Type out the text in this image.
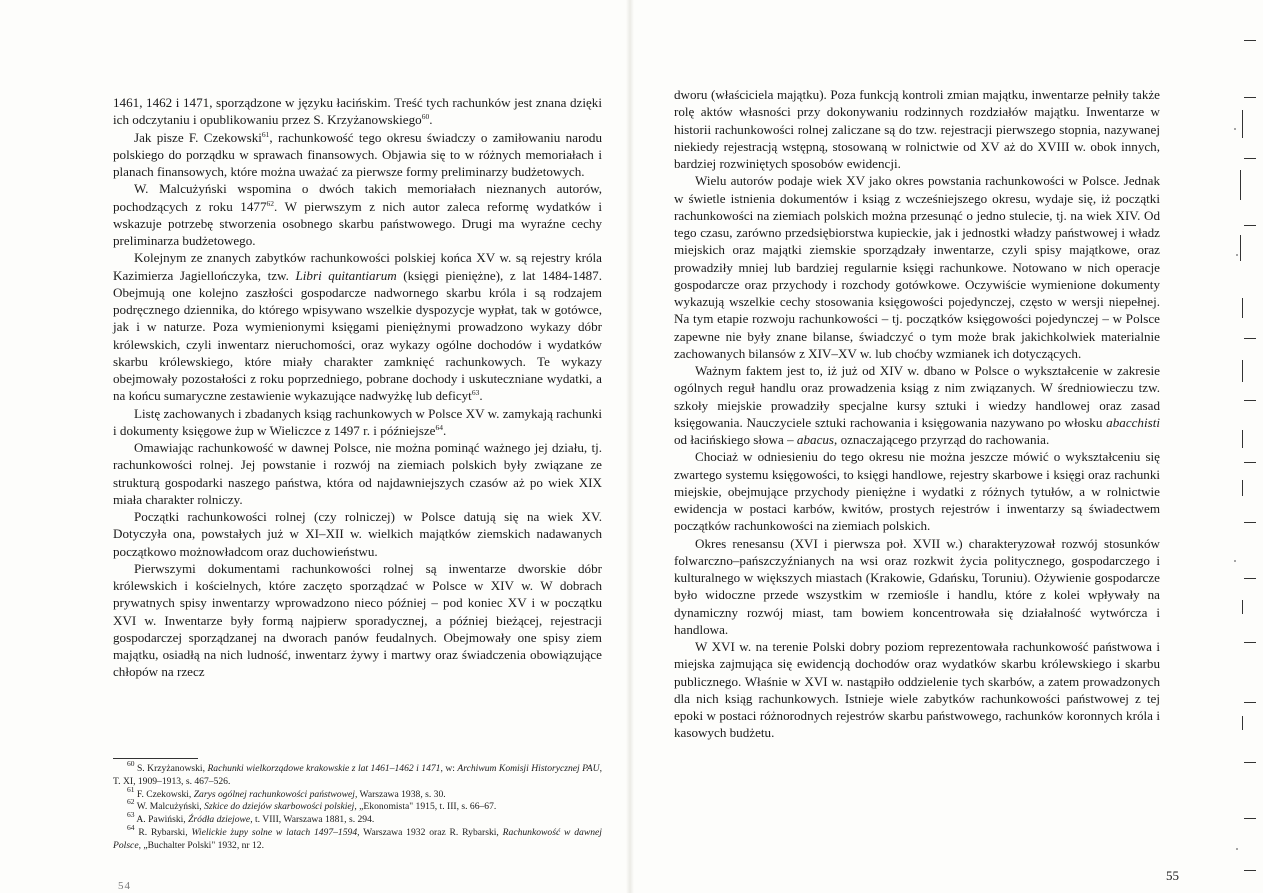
1461, 1462 i 1471, sporządzone w języku łacińskim. Treść tych rachunków jest znana dzięki ich odczytaniu i opublikowaniu przez S. Krzyżanowskiego$^{60}$.

Jak pisze F. Czekowski$^{61}$, rachunkowość tego okresu świadczy o zamiłowaniu narodu polskiego do porządku w sprawach finansowych. Objawia się to w różnych memoriałach i planach finansowych, które można uważać za pierwsze formy preliminarzy budżetowych.

W. Malcużyński wspomina o dwóch takich memoriałach nieznanych autorów, pochodzących z roku 1477$^{62}$. W pierwszym z nich autor zaleca reformę wydatków i wskazuje potrzebę stworzenia osobnego skarbu państwowego. Drugi ma wyraźne cechy preliminarza budżetowego.

Kolejnym ze znanych zabytków rachunkowości polskiej końca XV w. są rejestry króla Kazimierza Jagiellończyka, tzw. Libri quitantiarum (księgi pieniężne), z lat 1484-1487. Obejmują one kolejno zaszłości gospodarcze nadwornego skarbu króla i są rodzajem podręcznego dziennika, do którego wpisywano wszelkie dyspozycje wypłat, tak w gotówce, jak i w naturze. Poza wymienionymi księgami pieniężnymi prowadzono wykazy dóbr królewskich, czyli inwentarz nieruchomości, oraz wykazy ogólne dochodów i wydatków skarbu królewskiego, które miały charakter zamknięć rachunkowych. Te wykazy obejmowały pozostałości z roku poprzedniego, pobrane dochody i uskuteczniane wydatki, a na końcu sumaryczne zestawienie wykazujące nadwyżkę lub deficyt$^{63}$.

Listę zachowanych i zbadanych ksiąg rachunkowych w Polsce XV w. zamykają rachunki i dokumenty księgowe żup w Wieliczce z 1497 r. i późniejsze$^{64}$.

Omawiając rachunkowość w dawnej Polsce, nie można pominąć ważnego jej działu, tj. rachunkowości rolnej. Jej powstanie i rozwój na ziemiach polskich były związane ze strukturą gospodarki naszego państwa, która od najdawniejszych czasów aż po wiek XIX miała charakter rolniczy.

Początki rachunkowości rolnej (czy rolniczej) w Polsce datują się na wiek XV. Dotyczyła ona, powstałych już w XI–XII w. wielkich majątków ziemskich nadawanych początkowo możnowładcom oraz duchowieństwu.

Pierwszymi dokumentami rachunkowości rolnej są inwentarze dworskie dóbr królewskich i kościelnych, które zaczęto sporządzać w Polsce w XIV w. W dobrach prywatnych spisy inwentarzy wprowadzono nieco później – pod koniec XV i w początku XVI w. Inwentarze były formą najpierw sporadycznej, a później bieżącej, rejestracji gospodarczej sporządzanej na dworach panów feudalnych. Obejmowały one spisy ziem majątku, osiadłą na nich ludność, inwentarz żywy i martwy oraz świadczenia obowiązujące chłopów na rzecz

$^{60}$ S. Krzyżanowski, Rachunki wielkorządowe krakowskie z lat 1461–1462 i 1471, w: Archiwum Komisji Historycznej PAU, T. XI, 1909–1913, s. 467–526.

$^{61}$ F. Czekowski, Zarys ogólnej rachunkowości państwowej, Warszawa 1938, s. 30.

$^{62}$ W. Malcużyński, Szkice do dziejów skarbowości polskiej, „Ekonomista" 1915, t. III, s. 66–67.

$^{63}$ A. Pawiński, Źródła dziejowe, t. VIII, Warszawa 1881, s. 294.

$^{64}$ R. Rybarski, Wielickie żupy solne w latach 1497–1594, Warszawa 1932 oraz R. Rybarski, Rachunkowość w dawnej Polsce, „Buchalter Polski" 1932, nr 12.

54

dworu (właściciela majątku). Poza funkcją kontroli zmian majątku, inwentarze pełniły także rolę aktów własności przy dokonywaniu rodzinnych rozdziałów majątku. Inwentarze w historii rachunkowości rolnej zaliczane są do tzw. rejestracji pierwszego stopnia, nazywanej niekiedy rejestracją wstępną, stosowaną w rolnictwie od XV aż do XVIII w. obok innych, bardziej rozwiniętych sposobów ewidencji.

Wielu autorów podaje wiek XV jako okres powstania rachunkowości w Polsce. Jednak w świetle istnienia dokumentów i ksiąg z wcześniejszego okresu, wydaje się, iż początki rachunkowości na ziemiach polskich można przesunąć o jedno stulecie, tj. na wiek XIV. Od tego czasu, zarówno przedsiębiorstwa kupieckie, jak i jednostki władzy państwowej i władz miejskich oraz majątki ziemskie sporządzały inwentarze, czyli spisy majątkowe, oraz prowadziły mniej lub bardziej regularnie księgi rachunkowe. Notowano w nich operacje gospodarcze oraz przychody i rozchody gotówkowe. Oczywiście wymienione dokumenty wykazują wszelkie cechy stosowania księgowości pojedynczej, często w wersji niepełnej. Na tym etapie rozwoju rachunkowości – tj. początków księgowości pojedynczej – w Polsce zapewne nie były znane bilanse, świadczyć o tym może brak jakichkolwiek materialnie zachowanych bilansów z XIV–XV w. lub choćby wzmianek ich dotyczących.

Ważnym faktem jest to, iż już od XIV w. dbano w Polsce o wykształcenie w zakresie ogólnych reguł handlu oraz prowadzenia ksiąg z nim związanych. W średniowieczu tzw. szkoły miejskie prowadziły specjalne kursy sztuki i wiedzy handlowej oraz zasad księgowania. Nauczyciele sztuki rachowania i księgowania nazywano po włosku abacchisti od łacińskiego słowa – abacus, oznaczającego przyrząd do rachowania.

Chociaż w odniesieniu do tego okresu nie można jeszcze mówić o wykształceniu się zwartego systemu księgowości, to księgi handlowe, rejestry skarbowe i księgi oraz rachunki miejskie, obejmujące przychody pieniężne i wydatki z różnych tytułów, a w rolnictwie ewidencja w postaci karbów, kwitów, prostych rejestrów i inwentarzy są świadectwem początków rachunkowości na ziemiach polskich.

Okres renesansu (XVI i pierwsza poł. XVII w.) charakteryzował rozwój stosunków folwarczno–pańszczyźnianych na wsi oraz rozkwit życia politycznego, gospodarczego i kulturalnego w większych miastach (Krakowie, Gdańsku, Toruniu). Ożywienie gospodarcze było widoczne przede wszystkim w rzemiośle i handlu, które z kolei wpływały na dynamiczny rozwój miast, tam bowiem koncentrowała się działalność wytwórcza i handlowa.

W XVI w. na terenie Polski dobry poziom reprezentowała rachunkowość państwowa i miejska zajmująca się ewidencją dochodów oraz wydatków skarbu królewskiego i skarbu publicznego. Właśnie w XVI w. nastąpiło oddzielenie tych skarbów, a zatem prowadzonych dla nich ksiąg rachunkowych. Istnieje wiele zabytków rachunkowości państwowej z tej epoki w postaci różnorodnych rejestrów skarbu państwowego, rachunków koronnych króla i kasowych budżetu.

55
